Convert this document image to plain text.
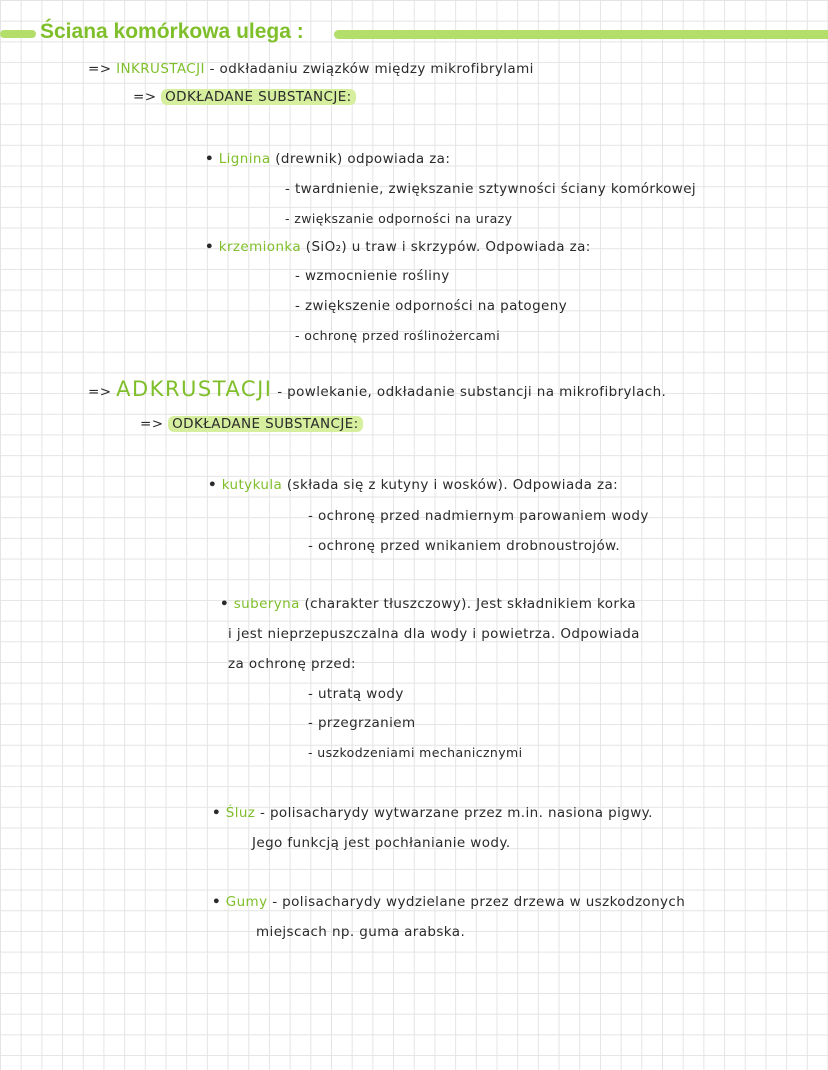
Ściana komórkowa ulega :
=> INKRUSTACJI - odkładaniu związków między mikrofibrylami
=> ODKŁADANE SUBSTANCJE:
• Lignina (drewnik) odpowiada za:
- twardnienie, zwiększanie sztywności ściany komórkowej
- zwiększanie odporności na urazy
• krzemionka (SiO₂) u traw i skrzypów. Odpowiada za:
- wzmocnienie rośliny
- zwiększenie odporności na patogeny
- ochronę przed roślinożercami
=> ADKRUSTACJI - powlekanie, odkładanie substancji na mikrofibrylach.
=> ODKŁADANE SUBSTANCJE:
• kutykula (składa się z kutyny i wosków). Odpowiada za:
- ochronę przed nadmiernym parowaniem wody
- ochronę przed wnikaniem drobnoustrojów.
• suberyna (charakter tłuszczowy). Jest składnikiem korka
i jest nieprzepuszczalna dla wody i powietrza. Odpowiada
za ochronę przed:
- utratą wody
- przegrzaniem
- uszkodzeniami mechanicznymi
• Śluz - polisacharydy wytwarzane przez m.in. nasiona pigwy.
Jego funkcją jest pochłanianie wody.
• Gumy - polisacharydy wydzielane przez drzewa w uszkodzonych
miejscach np. guma arabska.
